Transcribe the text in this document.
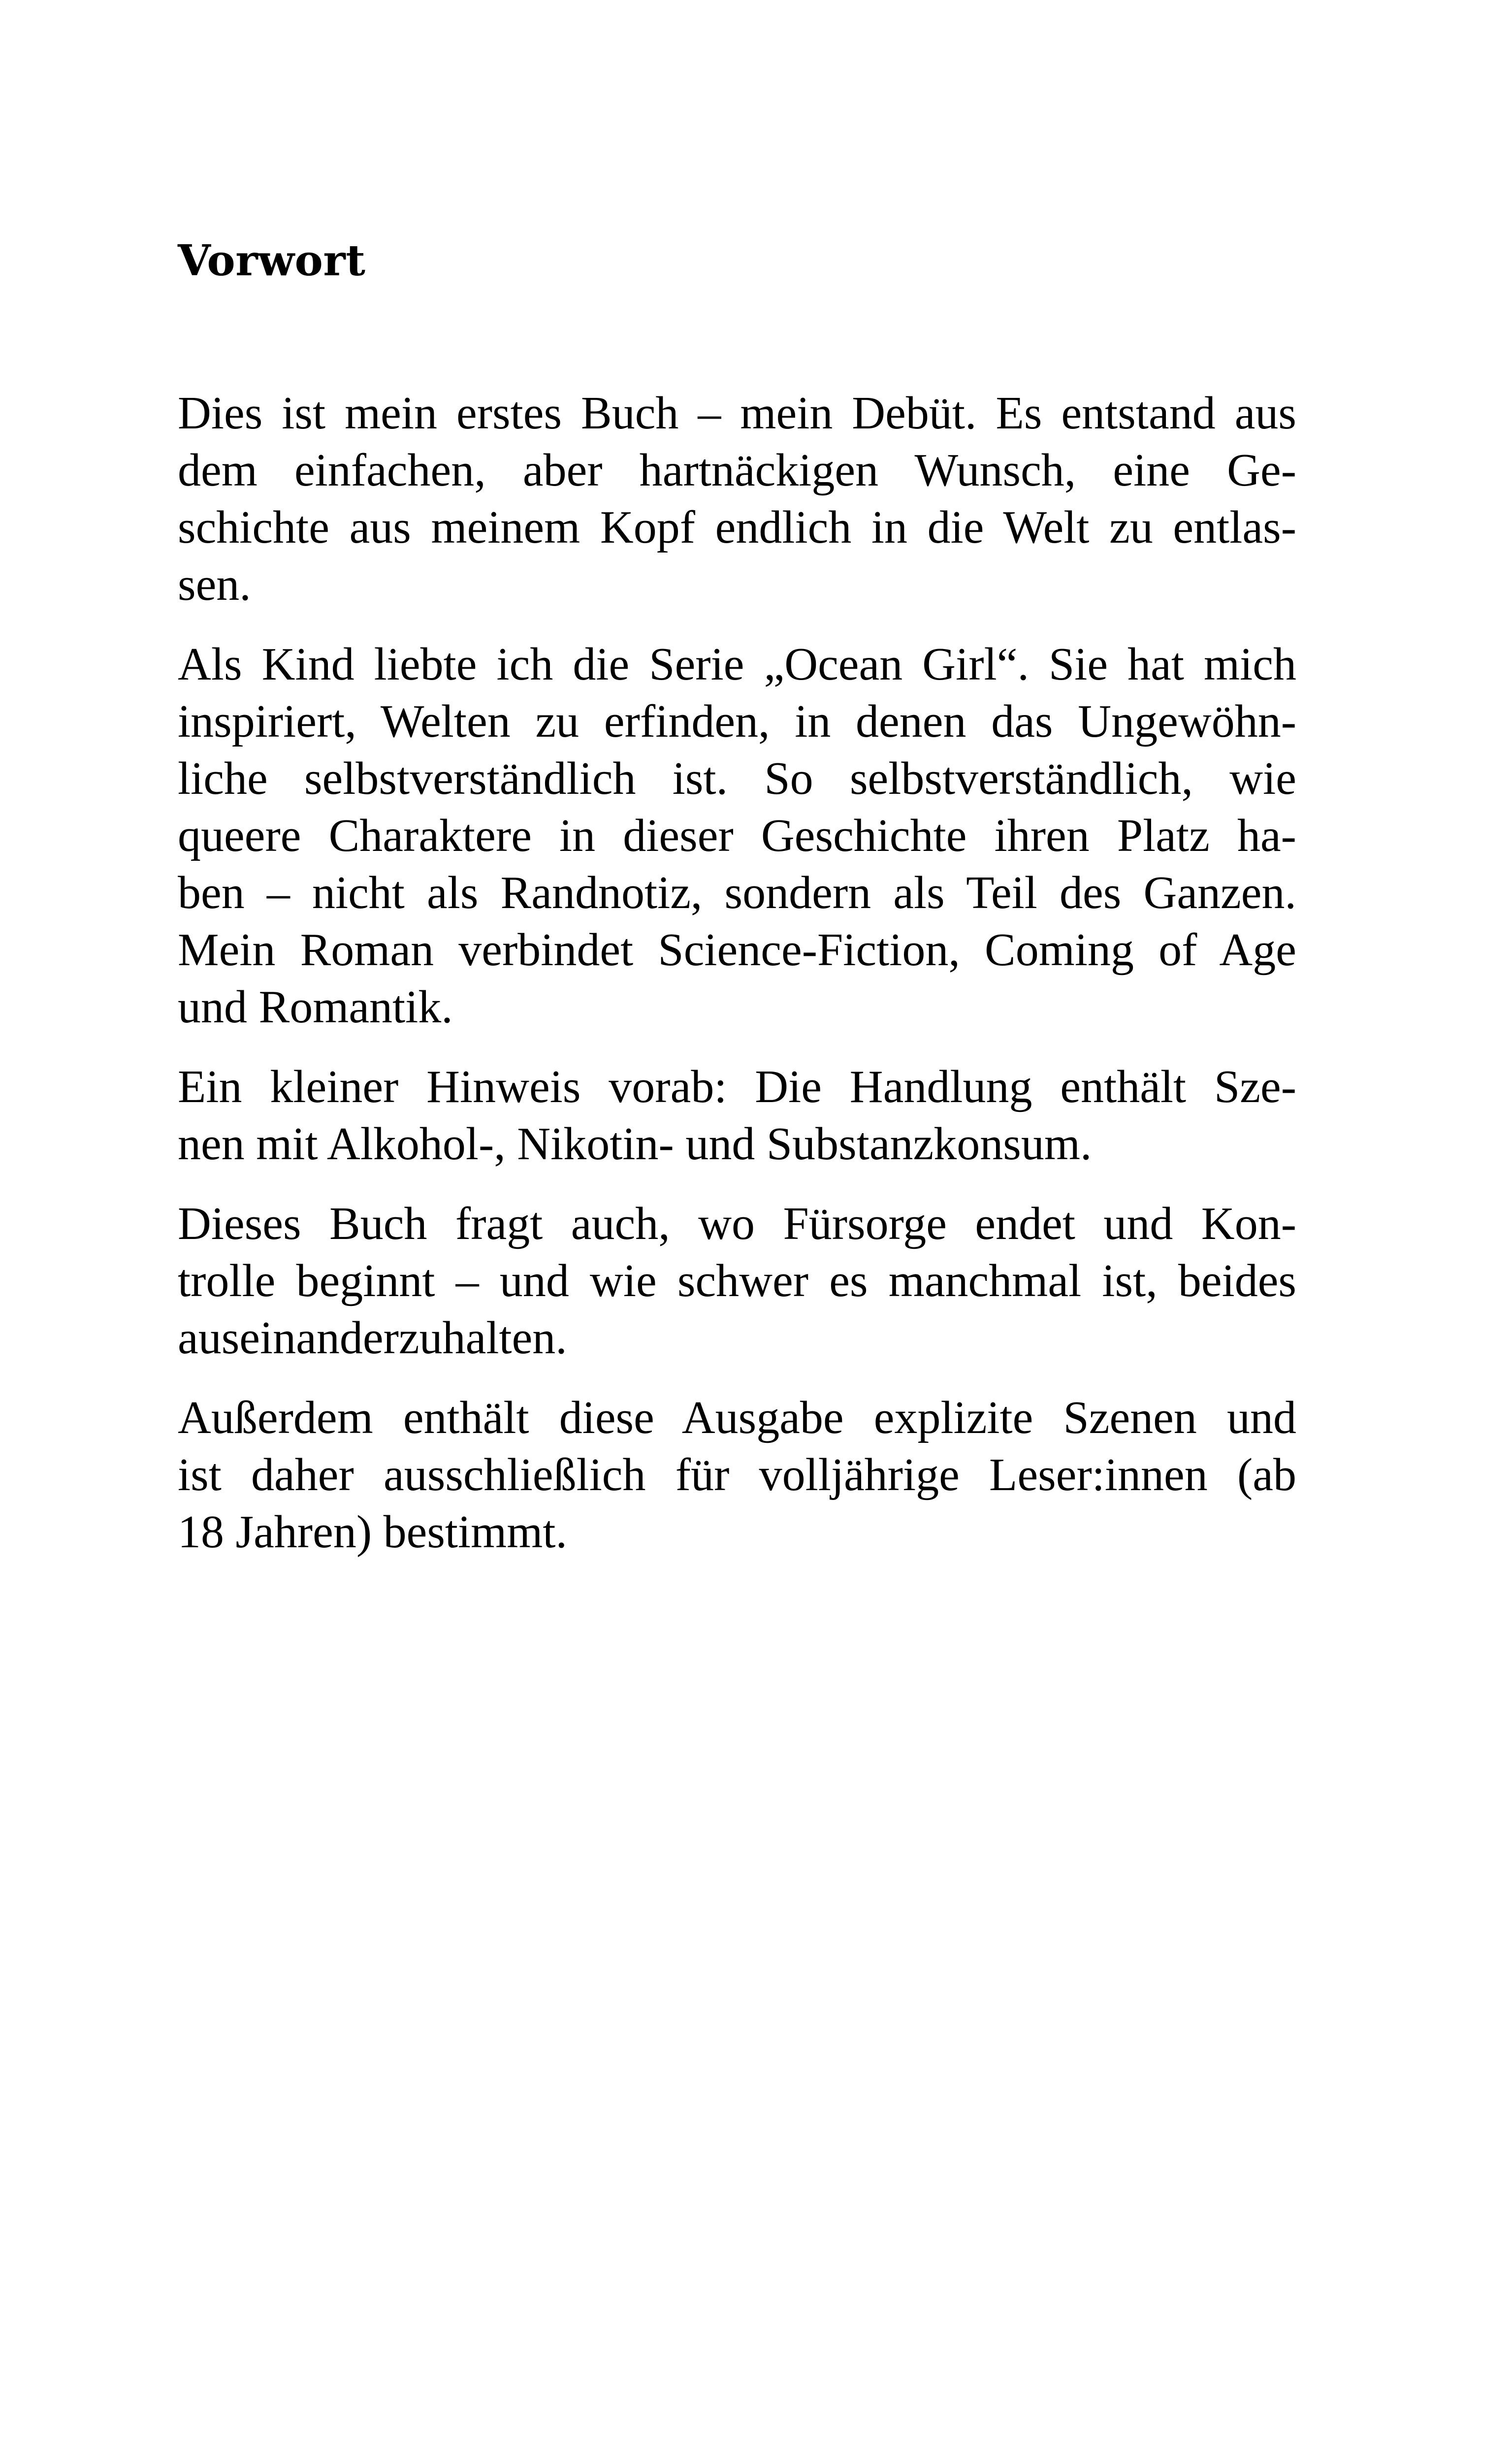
Vorwort
Dies ist mein erstes Buch – mein Debüt. Es entstand aus
dem einfachen, aber hartnäckigen Wunsch, eine Ge-
schichte aus meinem Kopf endlich in die Welt zu entlas-
sen.
Als Kind liebte ich die Serie „Ocean Girl“. Sie hat mich
inspiriert, Welten zu erfinden, in denen das Ungewöhn-
liche selbstverständlich ist. So selbstverständlich, wie
queere Charaktere in dieser Geschichte ihren Platz ha-
ben – nicht als Randnotiz, sondern als Teil des Ganzen.
Mein Roman verbindet Science-Fiction, Coming of Age
und Romantik.
Ein kleiner Hinweis vorab: Die Handlung enthält Sze-
nen mit Alkohol-, Nikotin- und Substanzkonsum.
Dieses Buch fragt auch, wo Fürsorge endet und Kon-
trolle beginnt – und wie schwer es manchmal ist, beides
auseinanderzuhalten.
Außerdem enthält diese Ausgabe explizite Szenen und
ist daher ausschließlich für volljährige Leser:innen (ab
18 Jahren) bestimmt.
